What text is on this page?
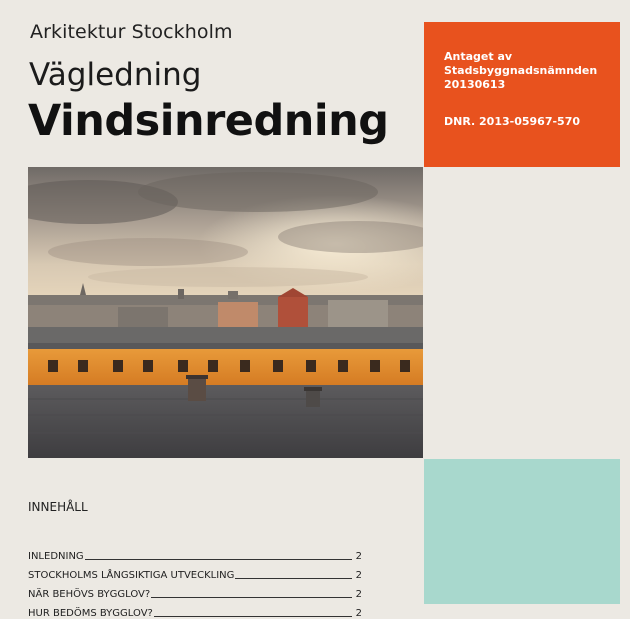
Arkitektur Stockholm
Vägledning
Vindsinredning
Antaget av Stadsbyggnadsnämnden 20130613
DNR. 2013-05967-570
INNEHÅLL
INLEDNING	2
STOCKHOLMS LÅNGSIKTIGA UTVECKLING	2
NÄR BEHÖVS BYGGLOV?	2
HUR BEDÖMS BYGGLOV?	2
